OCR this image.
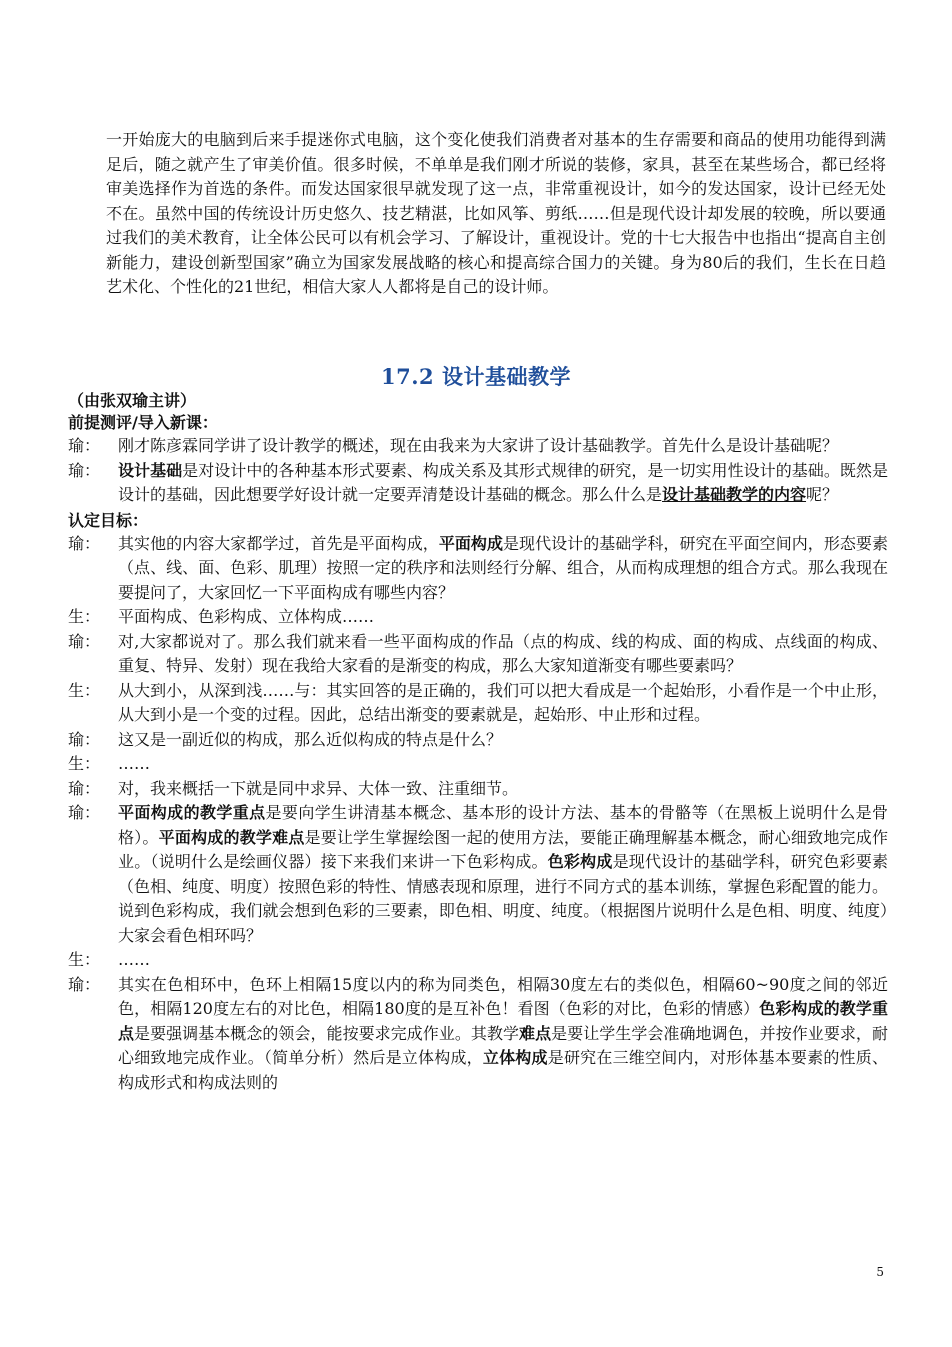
一开始庞大的电脑到后来手提迷你式电脑，这个变化使我们消费者对基本的生存需要和商品的使用功能得到满足后，随之就产生了审美价值。很多时候，不单单是我们刚才所说的装修，家具，甚至在某些场合，都已经将审美选择作为首选的条件。而发达国家很早就发现了这一点，非常重视设计，如今的发达国家，设计已经无处不在。虽然中国的传统设计历史悠久、技艺精湛，比如风筝、剪纸……但是现代设计却发展的较晚，所以要通过我们的美术教育，让全体公民可以有机会学习、了解设计，重视设计。党的十七大报告中也指出“提高自主创新能力，建设创新型国家”确立为国家发展战略的核心和提高综合国力的关键。身为80后的我们，生长在日趋艺术化、个性化的21世纪，相信大家人人都将是自己的设计师。

17.2 设计基础教学

（由张双瑜主讲）

前提测评/导入新课：

瑜：	刚才陈彦霖同学讲了设计教学的概述，现在由我来为大家讲了设计基础教学。首先什么是设计基础呢？
瑜：	设计基础是对设计中的各种基本形式要素、构成关系及其形式规律的研究，是一切实用性设计的基础。既然是设计的基础，因此想要学好设计就一定要弄清楚设计基础的概念。那么什么是设计基础教学的内容呢？

认定目标：

瑜：	其实他的内容大家都学过，首先是平面构成，平面构成是现代设计的基础学科，研究在平面空间内，形态要素（点、线、面、色彩、肌理）按照一定的秩序和法则经行分解、组合，从而构成理想的组合方式。那么我现在要提问了，大家回忆一下平面构成有哪些内容？
生：	平面构成、色彩构成、立体构成……
瑜：	对,大家都说对了。那么我们就来看一些平面构成的作品（点的构成、线的构成、面的构成、点线面的构成、重复、特异、发射）现在我给大家看的是渐变的构成，那么大家知道渐变有哪些要素吗？
生：	从大到小，从深到浅……与：其实回答的是正确的，我们可以把大看成是一个起始形，小看作是一个中止形，从大到小是一个变的过程。因此，总结出渐变的要素就是，起始形、中止形和过程。
瑜：	这又是一副近似的构成，那么近似构成的特点是什么？
生：	……
瑜：	对，我来概括一下就是同中求异、大体一致、注重细节。
瑜：	平面构成的教学重点是要向学生讲清基本概念、基本形的设计方法、基本的骨骼等（在黑板上说明什么是骨格）。平面构成的教学难点是要让学生掌握绘图一起的使用方法，要能正确理解基本概念，耐心细致地完成作业。（说明什么是绘画仪器）接下来我们来讲一下色彩构成。色彩构成是现代设计的基础学科，研究色彩要素（色相、纯度、明度）按照色彩的特性、情感表现和原理，进行不同方式的基本训练，掌握色彩配置的能力。说到色彩构成，我们就会想到色彩的三要素，即色相、明度、纯度。（根据图片说明什么是色相、明度、纯度）大家会看色相环吗？
生：	……
瑜：	其实在色相环中，色环上相隔15度以内的称为同类色，相隔30度左右的类似色，相隔60~90度之间的邻近色，相隔120度左右的对比色，相隔180度的是互补色！看图（色彩的对比，色彩的情感）色彩构成的教学重点是要强调基本概念的领会，能按要求完成作业。其教学难点是要让学生学会准确地调色，并按作业要求，耐心细致地完成作业。（简单分析）然后是立体构成，立体构成是研究在三维空间内，对形体基本要素的性质、构成形式和构成法则的
5
